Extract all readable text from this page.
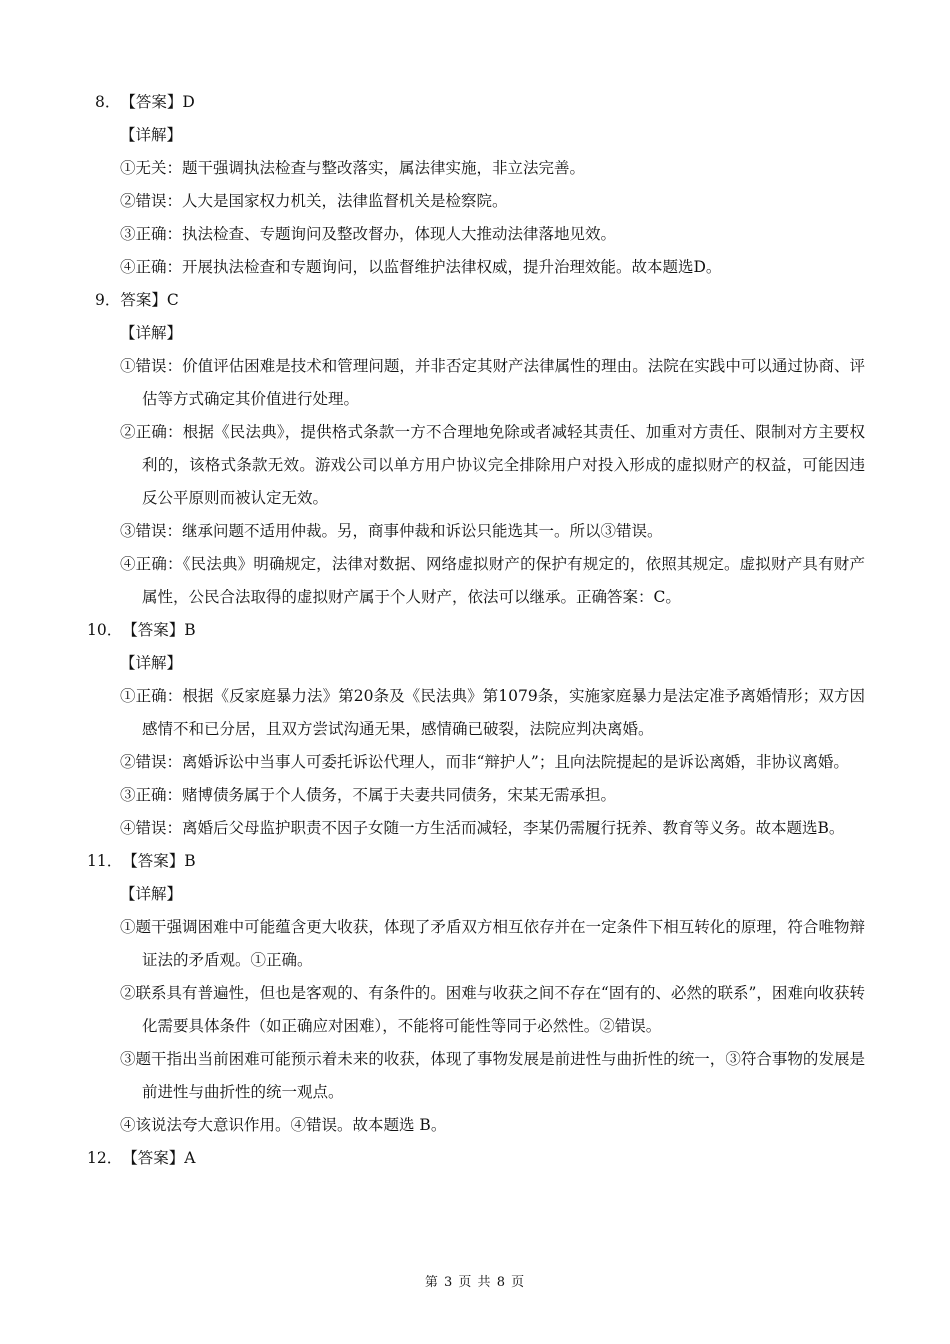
8．【答案】D
【详解】
①无关：题干强调执法检查与整改落实，属法律实施，非立法完善。
②错误：人大是国家权力机关，法律监督机关是检察院。
③正确：执法检查、专题询问及整改督办，体现人大推动法律落地见效。
④正确：开展执法检查和专题询问，以监督维护法律权威，提升治理效能。故本题选D。
9．答案】C
【详解】
①错误：价值评估困难是技术和管理问题，并非否定其财产法律属性的理由。法院在实践中可以通过协商、评估等方式确定其价值进行处理。
②正确：根据《民法典》，提供格式条款一方不合理地免除或者减轻其责任、加重对方责任、限制对方主要权利的，该格式条款无效。游戏公司以单方用户协议完全排除用户对投入形成的虚拟财产的权益，可能因违反公平原则而被认定无效。
③错误：继承问题不适用仲裁。另，商事仲裁和诉讼只能选其一。所以③错误。
④正确：《民法典》明确规定，法律对数据、网络虚拟财产的保护有规定的，依照其规定。虚拟财产具有财产属性，公民合法取得的虚拟财产属于个人财产，依法可以继承。正确答案：C。
10．【答案】B
【详解】
①正确：根据《反家庭暴力法》第20条及《民法典》第1079条，实施家庭暴力是法定准予离婚情形；双方因感情不和已分居，且双方尝试沟通无果，感情确已破裂，法院应判决离婚。
②错误：离婚诉讼中当事人可委托诉讼代理人，而非“辩护人”；且向法院提起的是诉讼离婚，非协议离婚。
③正确：赌博债务属于个人债务，不属于夫妻共同债务，宋某无需承担。
④错误：离婚后父母监护职责不因子女随一方生活而减轻，李某仍需履行抚养、教育等义务。故本题选B。
11．【答案】B
【详解】
①题干强调困难中可能蕴含更大收获，体现了矛盾双方相互依存并在一定条件下相互转化的原理，符合唯物辩证法的矛盾观。①正确。
②联系具有普遍性，但也是客观的、有条件的。困难与收获之间不存在“固有的、必然的联系”，困难向收获转化需要具体条件（如正确应对困难），不能将可能性等同于必然性。②错误。
③题干指出当前困难可能预示着未来的收获，体现了事物发展是前进性与曲折性的统一，③符合事物的发展是前进性与曲折性的统一观点。
④该说法夸大意识作用。④错误。故本题选 B。
12．【答案】A
第 3 页 共 8 页
